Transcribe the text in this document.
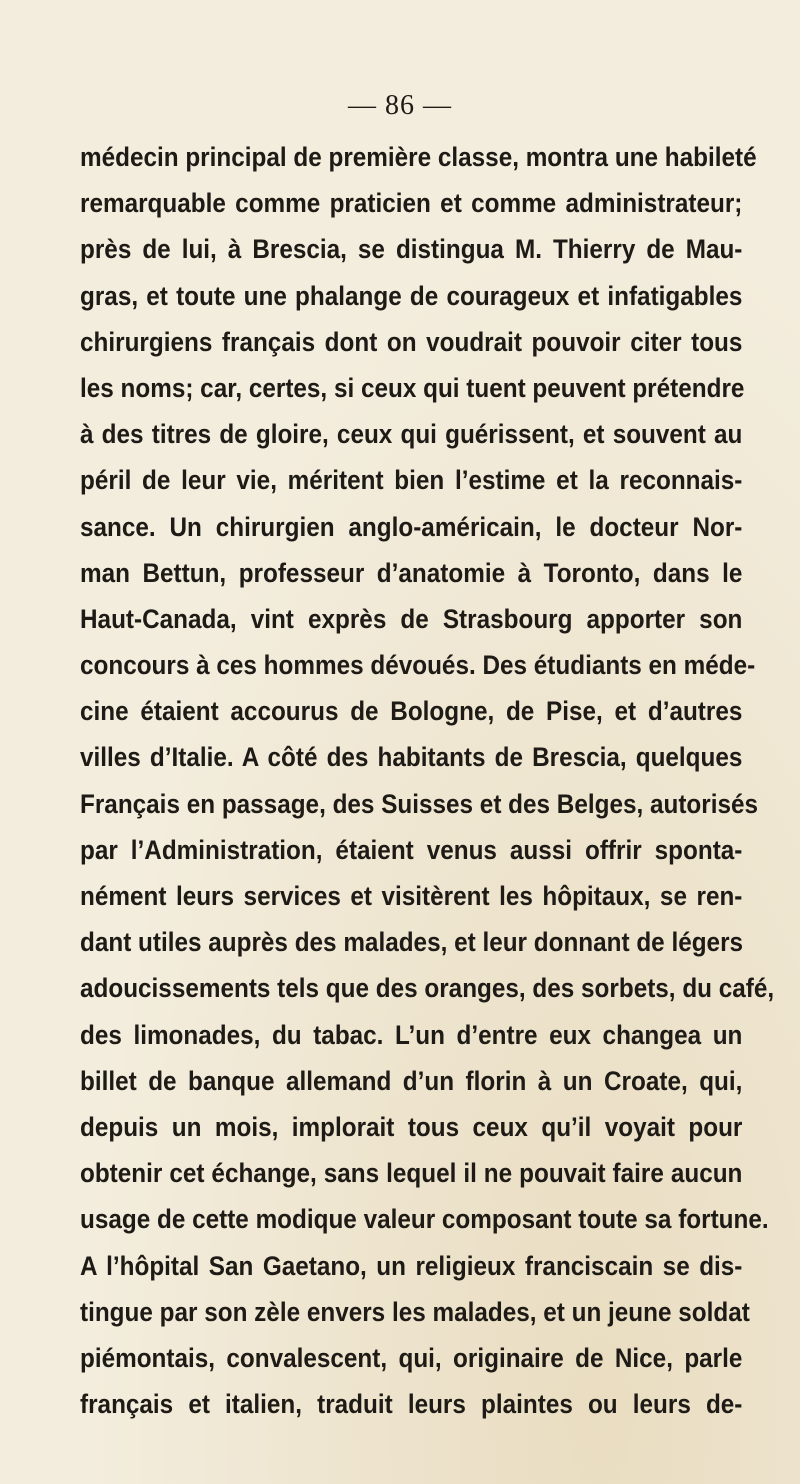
— 86 —
médecin principal de première classe, montra une habileté
remarquable comme praticien et comme administrateur;
près de lui, à Brescia, se distingua M. Thierry de Mau-
gras, et toute une phalange de courageux et infatigables
chirurgiens français dont on voudrait pouvoir citer tous
les noms; car, certes, si ceux qui tuent peuvent prétendre
à des titres de gloire, ceux qui guérissent, et souvent au
péril de leur vie, méritent bien l’estime et la reconnais-
sance. Un chirurgien anglo-américain, le docteur Nor-
man Bettun, professeur d’anatomie à Toronto, dans le
Haut-Canada, vint exprès de Strasbourg apporter son
concours à ces hommes dévoués. Des étudiants en méde-
cine étaient accourus de Bologne, de Pise, et d’autres
villes d’Italie. A côté des habitants de Brescia, quelques
Français en passage, des Suisses et des Belges, autorisés
par l’Administration, étaient venus aussi offrir sponta-
nément leurs services et visitèrent les hôpitaux, se ren-
dant utiles auprès des malades, et leur donnant de légers
adoucissements tels que des oranges, des sorbets, du café,
des limonades, du tabac. L’un d’entre eux changea un
billet de banque allemand d’un florin à un Croate, qui,
depuis un mois, implorait tous ceux qu’il voyait pour
obtenir cet échange, sans lequel il ne pouvait faire aucun
usage de cette modique valeur composant toute sa fortune.
A l’hôpital San Gaetano, un religieux franciscain se dis-
tingue par son zèle envers les malades, et un jeune soldat
piémontais, convalescent, qui, originaire de Nice, parle
français et italien, traduit leurs plaintes ou leurs de-
